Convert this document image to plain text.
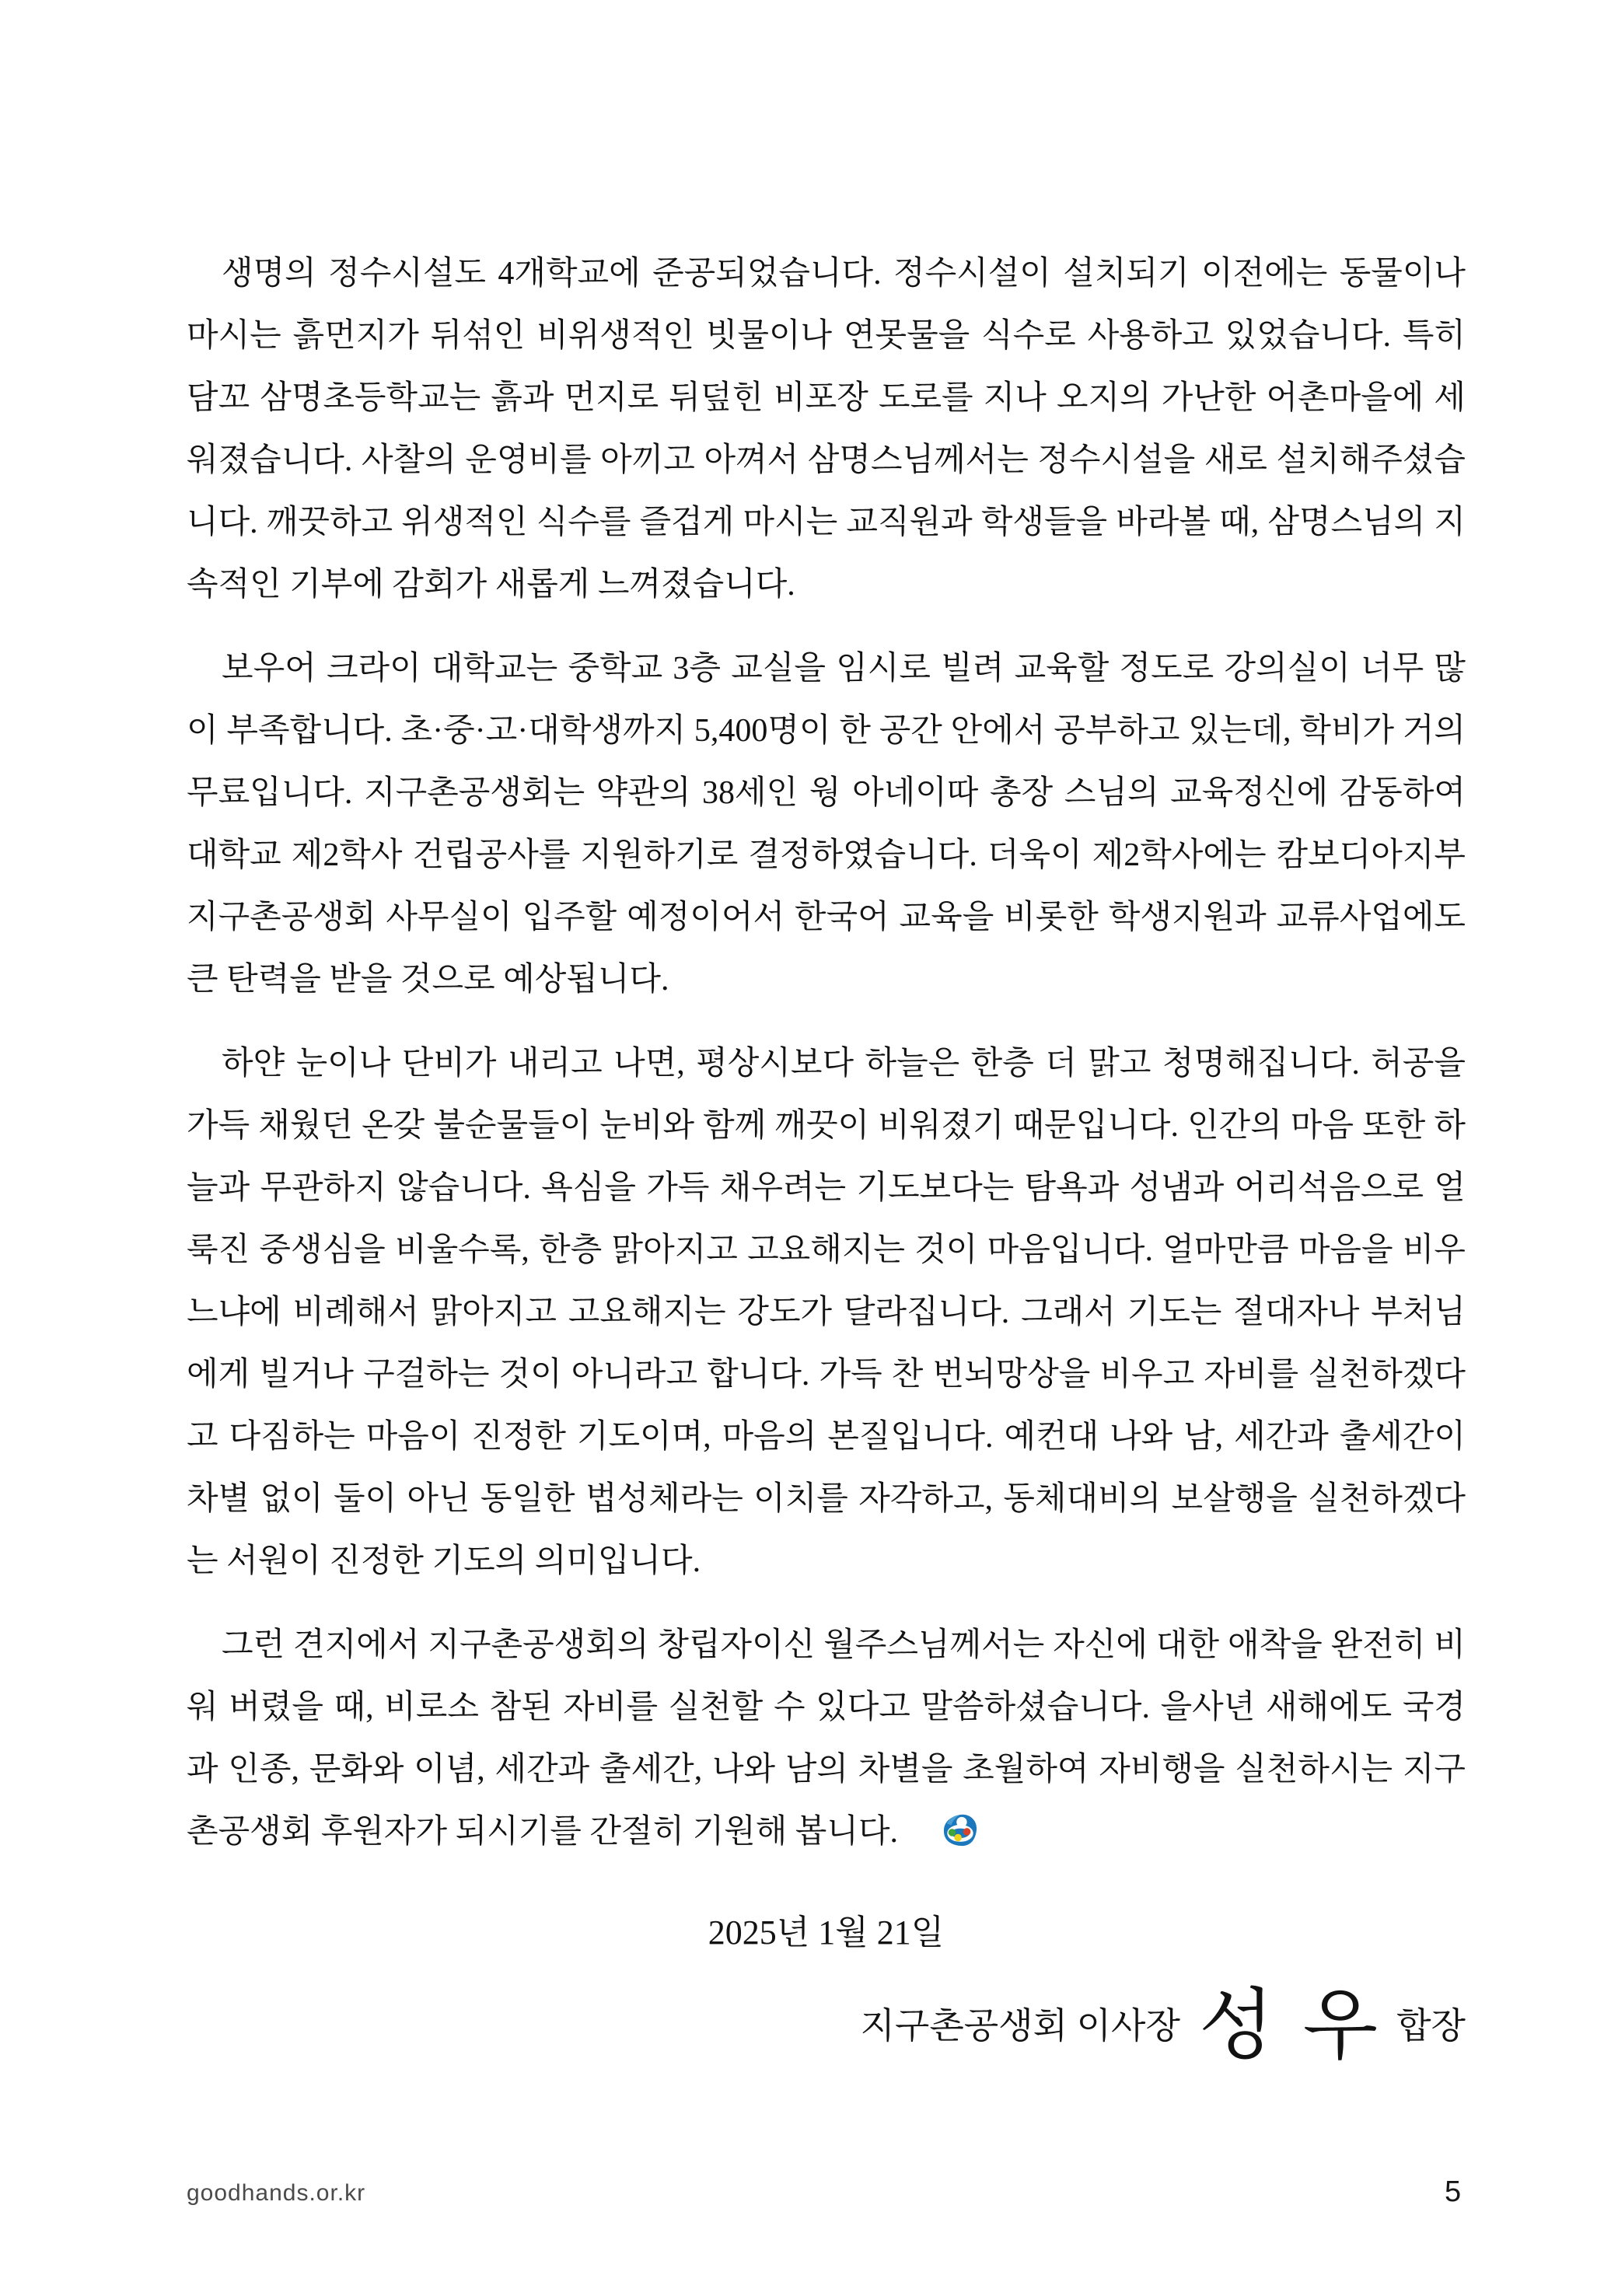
생명의 정수시설도 4개학교에 준공되었습니다. 정수시설이 설치되기 이전에는 동물이나 마시는 흙먼지가 뒤섞인 비위생적인 빗물이나 연못물을 식수로 사용하고 있었습니다. 특히 담꼬 삼명초등학교는 흙과 먼지로 뒤덮힌 비포장 도로를 지나 오지의 가난한 어촌마을에 세워졌습니다. 사찰의 운영비를 아끼고 아껴서 삼명스님께서는 정수시설을 새로 설치해주셨습니다. 깨끗하고 위생적인 식수를 즐겁게 마시는 교직원과 학생들을 바라볼 때, 삼명스님의 지속적인 기부에 감회가 새롭게 느껴졌습니다.

보우어 크라이 대학교는 중학교 3층 교실을 임시로 빌려 교육할 정도로 강의실이 너무 많이 부족합니다. 초·중·고·대학생까지 5,400명이 한 공간 안에서 공부하고 있는데, 학비가 거의 무료입니다. 지구촌공생회는 약관의 38세인 웡 아네이따 총장 스님의 교육정신에 감동하여 대학교 제2학사 건립공사를 지원하기로 결정하였습니다. 더욱이 제2학사에는 캄보디아지부 지구촌공생회 사무실이 입주할 예정이어서 한국어 교육을 비롯한 학생지원과 교류사업에도 큰 탄력을 받을 것으로 예상됩니다.

하얀 눈이나 단비가 내리고 나면, 평상시보다 하늘은 한층 더 맑고 청명해집니다. 허공을 가득 채웠던 온갖 불순물들이 눈비와 함께 깨끗이 비워졌기 때문입니다. 인간의 마음 또한 하늘과 무관하지 않습니다. 욕심을 가득 채우려는 기도보다는 탐욕과 성냄과 어리석음으로 얼룩진 중생심을 비울수록, 한층 맑아지고 고요해지는 것이 마음입니다. 얼마만큼 마음을 비우느냐에 비례해서 맑아지고 고요해지는 강도가 달라집니다. 그래서 기도는 절대자나 부처님에게 빌거나 구걸하는 것이 아니라고 합니다. 가득 찬 번뇌망상을 비우고 자비를 실천하겠다고 다짐하는 마음이 진정한 기도이며, 마음의 본질입니다. 예컨대 나와 남, 세간과 출세간이 차별 없이 둘이 아닌 동일한 법성체라는 이치를 자각하고, 동체대비의 보살행을 실천하겠다는 서원이 진정한 기도의 의미입니다.

그런 견지에서 지구촌공생회의 창립자이신 월주스님께서는 자신에 대한 애착을 완전히 비워 버렸을 때, 비로소 참된 자비를 실천할 수 있다고 말씀하셨습니다. 을사년 새해에도 국경과 인종, 문화와 이념, 세간과 출세간, 나와 남의 차별을 초월하여 자비행을 실천하시는 지구촌공생회 후원자가 되시기를 간절히 기원해 봅니다.

2025년 1월 21일
지구촌공생회 이사장 성 우 합장
goodhands.or.kr	5
